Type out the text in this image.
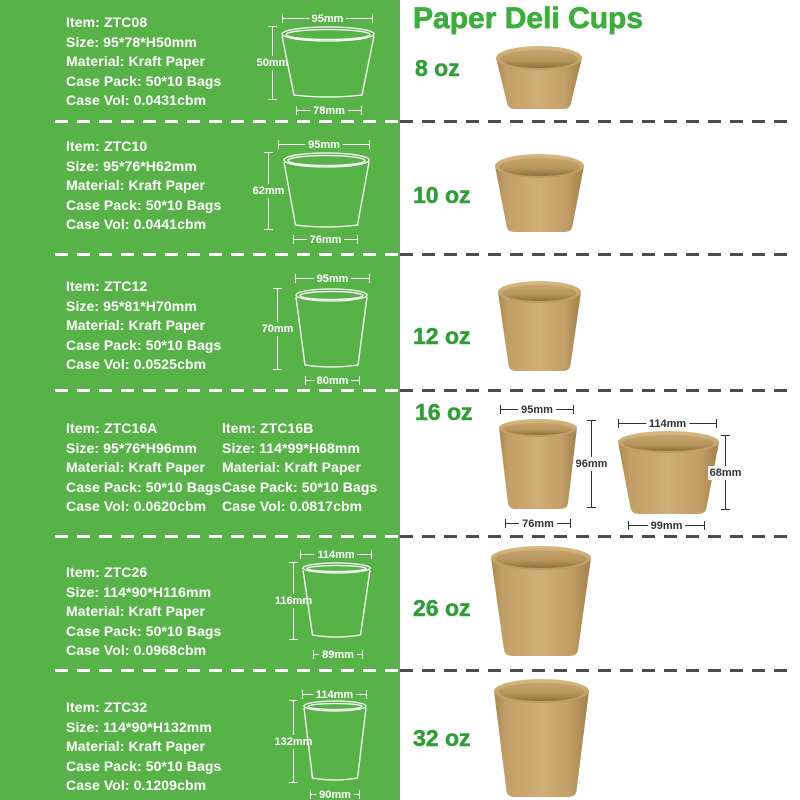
Item: ZTC08
Size: 95*78*H50mm
Material: Kraft Paper
Case Pack: 50*10 Bags
Case Vol: 0.0431cbm
95mm
50mm
78mm
Paper Deli Cups
8 oz
Item: ZTC10
Size: 95*76*H62mm
Material: Kraft Paper
Case Pack: 50*10 Bags
Case Vol: 0.0441cbm
95mm
62mm
76mm
10 oz
Item: ZTC12
Size: 95*81*H70mm
Material: Kraft Paper
Case Pack: 50*10 Bags
Case Vol: 0.0525cbm
95mm
70mm
80mm
12 oz
Item: ZTC16A
Size: 95*76*H96mm
Material: Kraft Paper
Case Pack: 50*10 Bags
Case Vol: 0.0620cbm
Item: ZTC16B
Size: 114*99*H68mm
Material: Kraft Paper
Case Pack: 50*10 Bags
Case Vol: 0.0817cbm
16 oz	95mm
96mm
76mm
114mm
68mm
99mm
Item: ZTC26
Size: 114*90*H116mm
Material: Kraft Paper
Case Pack: 50*10 Bags
Case Vol: 0.0968cbm
114mm
116mm
89mm
26 oz
Item: ZTC32
Size: 114*90*H132mm
Material: Kraft Paper
Case Pack: 50*10 Bags
Case Vol: 0.1209cbm
114mm
132mm
90mm
32 oz
